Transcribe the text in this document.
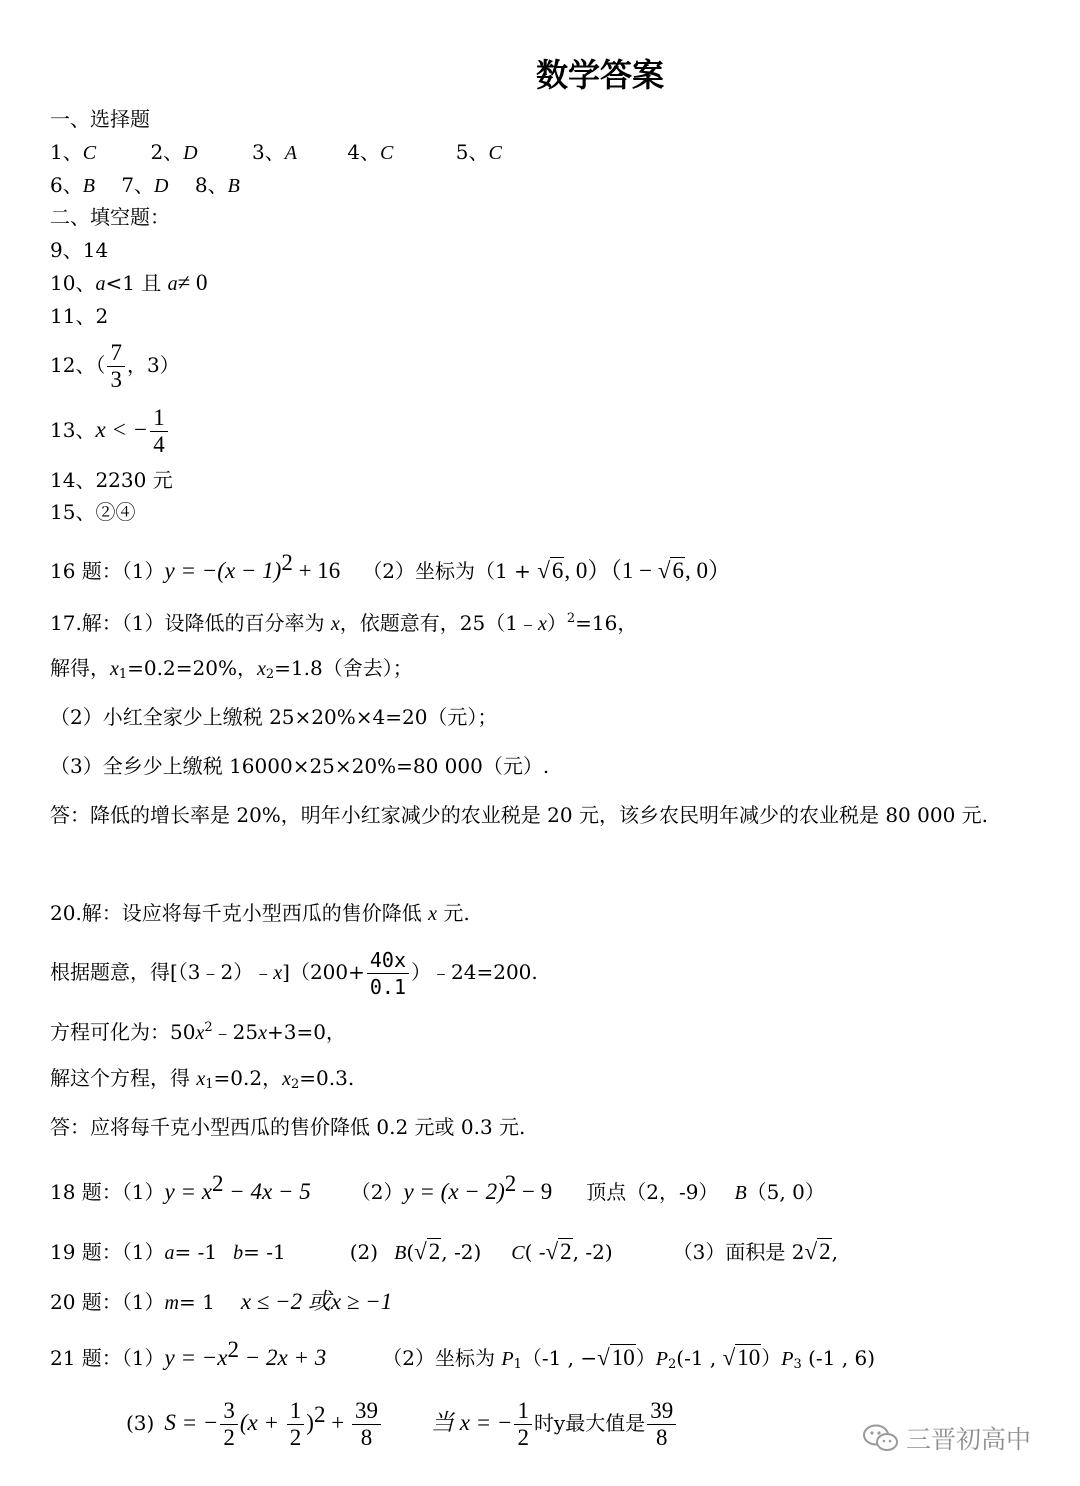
数学答案
一、选择题
1、C	2、D	3、A	4、C	5、C
6、B 7、D 8、B
二、填空题：
9、14
10、a<1 且 a≠ 0
11、2
12、（ $\frac{7}{3}$ ，3）
13、x < − $\frac{1}{4}$
14、2230 元
15、②④
16 题：$(1)y = -(x - 1)^2 + 16$ （2）坐标为（1 + √6, 0）（1 − √6, 0）
17.解：（1）设降低的百分率为 x，依题意有，25（1﹣x）$^2$=16，
解得，$x_1=0.2=20\%$，$x_2=1.8$（舍去）；
（2）小红全家少上缴税 25×20%×4=20（元）；
（3）全乡少上缴税 16000×25×20%=80 000（元）.
答：降低的增长率是 20%，明年小红家减少的农业税是 20 元，该乡农民明年减少的农业税是 80 000 元.
20.解：设应将每千克小型西瓜的售价降低 x 元.
根据题意，得[（3﹣2）﹣x]（200+ $\frac{40x}{0.1}$ ）﹣24=200.
方程可化为：$50x^2﹣25x+3=0$，
解这个方程，得 $x_1=0.2$，$x_2=0.3$.
答：应将每千克小型西瓜的售价降低 0.2 元或 0.3 元.
18 题：$(1)y = x^2 - 4x - 5$ $(2)y = (x - 2)^2 - 9$ 顶点（2，-9） B（5, 0）
19 题：（1）a= -1 b= -1	(2) B(√2, -2) C( -√2, -2)	（3）面积是 2√2,
20 题：（1）m= 1 x ≤ −2 或x ≥ −1
21 题：$(1)y = -x^2 - 2x + 3$	（2）坐标为 $P_1(-1$ , $-√10)P_2(-1$ , $√10)P_3$ (-1 , 6)
(3) S = − $\frac{3}{2} (x + \frac{1}{2} )^2 + \frac{39}{8}$ 当 x = − $\frac{1}{2}$ 时y最大值是 $\frac{39}{8}$	三晋初高中
